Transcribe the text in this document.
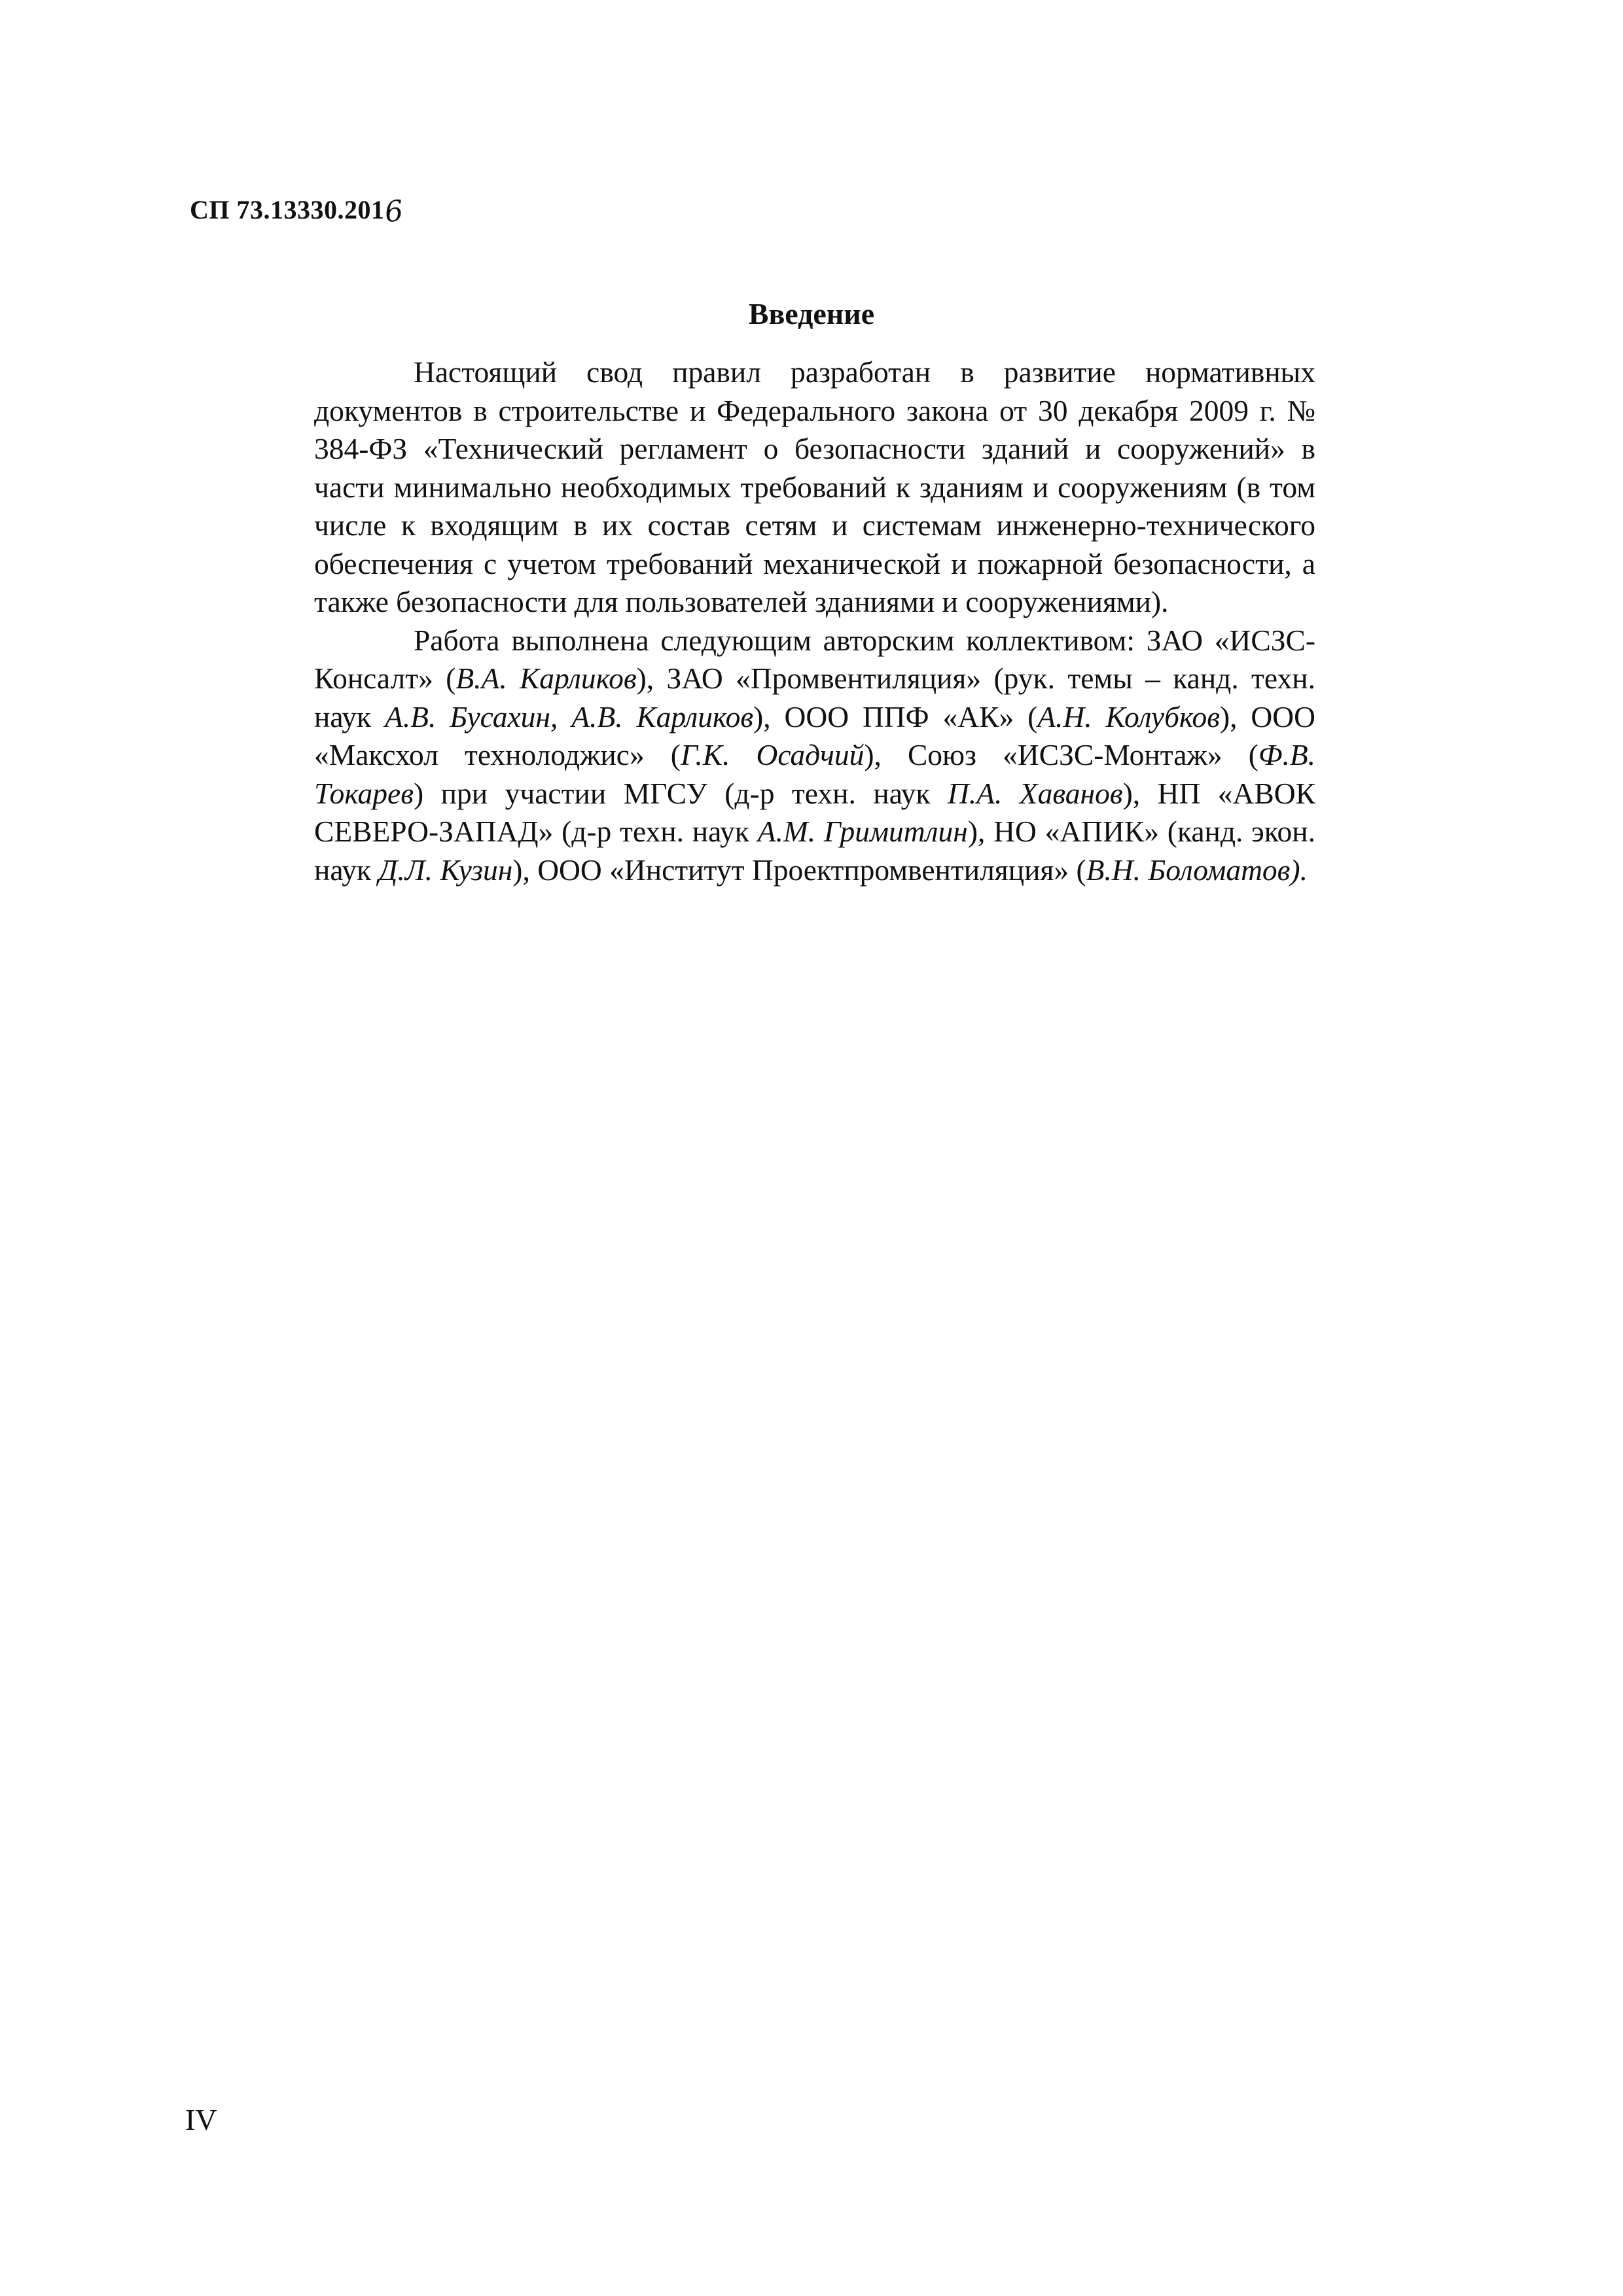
СП 73.13330.2016
Введение

Настоящий свод правил разработан в развитие нормативных документов в строительстве и Федерального закона от 30 декабря 2009 г. № 384-ФЗ «Технический регламент о безопасности зданий и сооружений» в части минимально необходимых требований к зданиям и сооружениям (в том числе к входящим в их состав сетям и системам инженерно-технического обеспечения с учетом требований механической и пожарной безопасности, а также безопасности для пользователей зданиями и сооружениями).

Работа выполнена следующим авторским коллективом: ЗАО «ИСЗС-Консалт» (В.А. Карликов), ЗАО «Промвентиляция» (рук. темы – канд. техн. наук А.В. Бусахин, А.В. Карликов), ООО ППФ «АК» (А.Н. Колубков), ООО «Максхол технолоджис» (Г.К. Осадчий), Союз «ИСЗС-Монтаж» (Ф.В. Токарев) при участии МГСУ (д-р техн. наук П.А. Хаванов), НП «АВОК СЕВЕРО-ЗАПАД» (д-р техн. наук А.М. Гримитлин), НО «АПИК» (канд. экон. наук Д.Л. Кузин), ООО «Институт Проектпромвентиляция» (В.Н. Боломатов).

IV
